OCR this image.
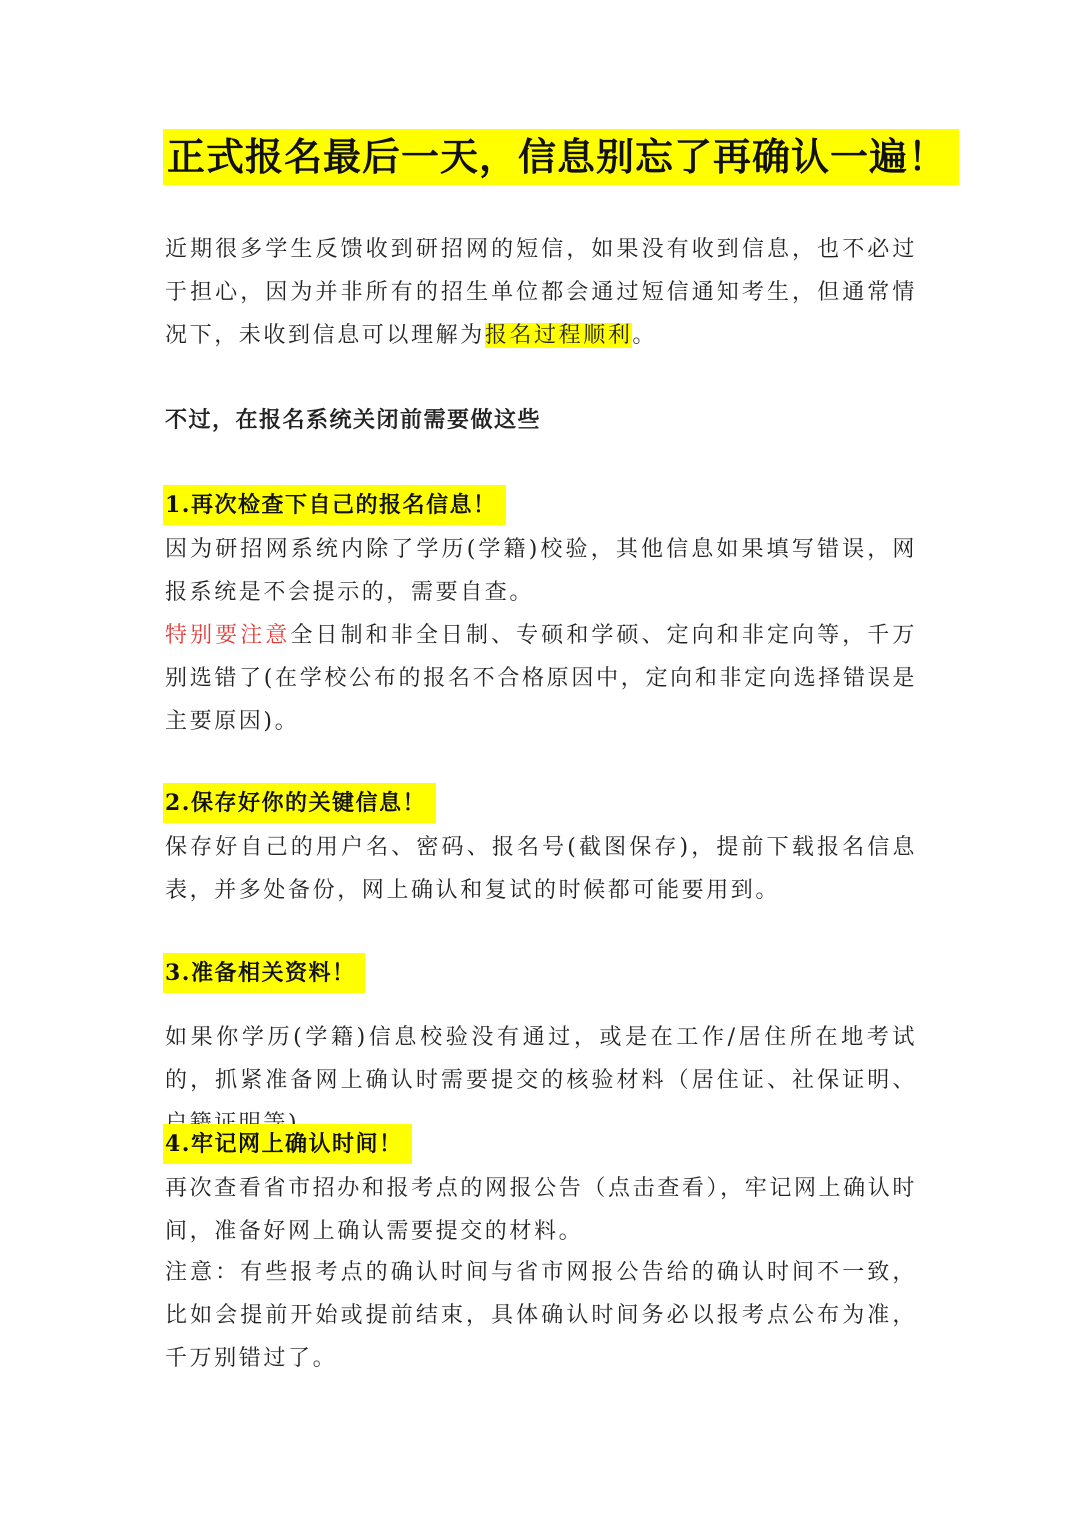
正式报名最后一天，信息别忘了再确认一遍！

近期很多学生反馈收到研招网的短信，如果没有收到信息，也不必过于担心，因为并非所有的招生单位都会通过短信通知考生，但通常情况下，未收到信息可以理解为报名过程顺利。

不过，在报名系统关闭前需要做这些

1.再次检查下自己的报名信息！

因为研招网系统内除了学历(学籍)校验，其他信息如果填写错误，网报系统是不会提示的，需要自查。

特别要注意全日制和非全日制、专硕和学硕、定向和非定向等，千万别选错了(在学校公布的报名不合格原因中，定向和非定向选择错误是主要原因)。

2.保存好你的关键信息！

保存好自己的用户名、密码、报名号(截图保存)，提前下载报名信息表，并多处备份，网上确认和复试的时候都可能要用到。

3.准备相关资料！

如果你学历(学籍)信息校验没有通过，或是在工作/居住所在地考试的，抓紧准备网上确认时需要提交的核验材料（居住证、社保证明、

4.牢记网上确认时间！

再次查看省市招办和报考点的网报公告（点击查看），牢记网上确认时间，准备好网上确认需要提交的材料。

注意：有些报考点的确认时间与省市网报公告给的确认时间不一致，比如会提前开始或提前结束，具体确认时间务必以报考点公布为准，千万别错过了。
